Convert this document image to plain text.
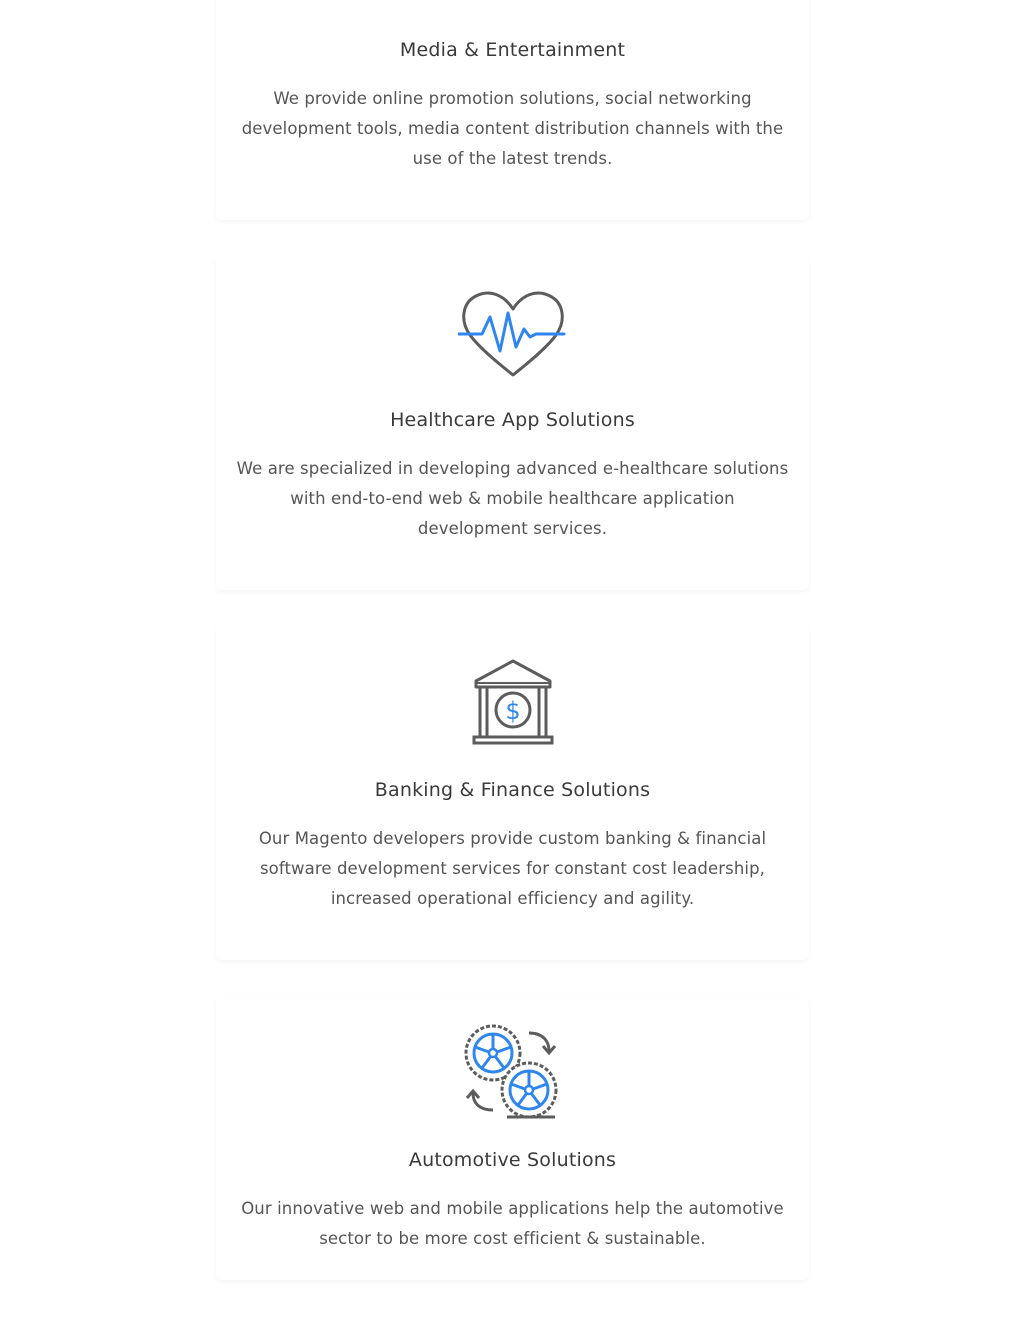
Media & Entertainment

We provide online promotion solutions, social networking development tools, media content distribution channels with the use of the latest trends.

Healthcare App Solutions

We are specialized in developing advanced e-healthcare solutions with end-to-end web & mobile healthcare application development services.

$
Banking & Finance Solutions

Our Magento developers provide custom banking & financial software development services for constant cost leadership, increased operational efficiency and agility.

Automotive Solutions

Our innovative web and mobile applications help the automotive sector to be more cost efficient & sustainable.
